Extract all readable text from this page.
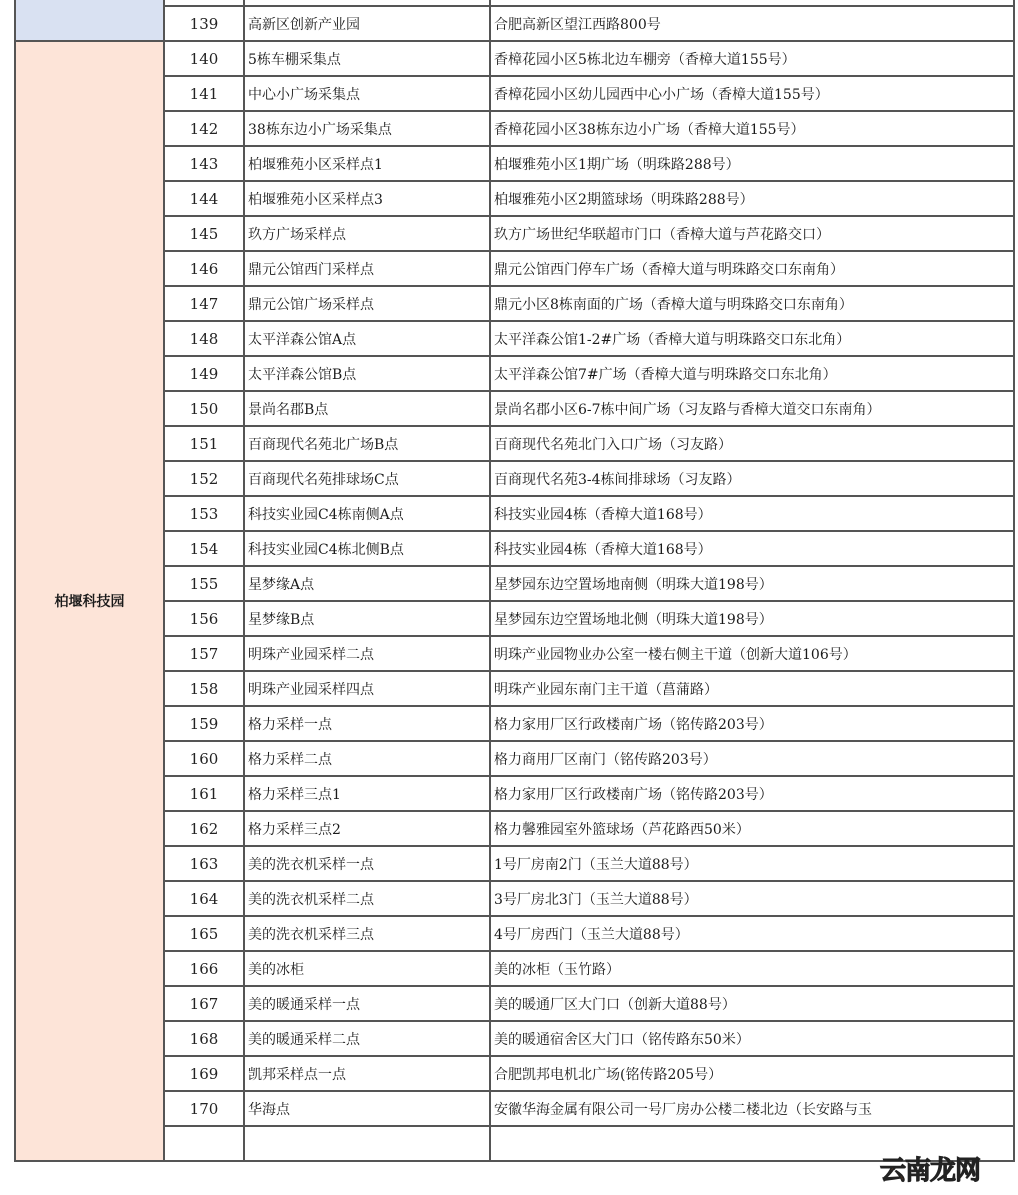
	139	高新区创新产业园	合肥高新区望江西路800号
柏堰科技园	140	5栋车棚采集点	香樟花园小区5栋北边车棚旁（香樟大道155号）
	141	中心小广场采集点	香樟花园小区幼儿园西中心小广场（香樟大道155号）
	142	38栋东边小广场采集点	香樟花园小区38栋东边小广场（香樟大道155号）
	143	柏堰雅苑小区采样点1	柏堰雅苑小区1期广场（明珠路288号）
	144	柏堰雅苑小区采样点3	柏堰雅苑小区2期篮球场（明珠路288号）
	145	玖方广场采样点	玖方广场世纪华联超市门口（香樟大道与芦花路交口）
	146	鼎元公馆西门采样点	鼎元公馆西门停车广场（香樟大道与明珠路交口东南角）
	147	鼎元公馆广场采样点	鼎元小区8栋南面的广场（香樟大道与明珠路交口东南角）
	148	太平洋森公馆A点	太平洋森公馆1-2#广场（香樟大道与明珠路交口东北角）
	149	太平洋森公馆B点	太平洋森公馆7#广场（香樟大道与明珠路交口东北角）
	150	景尚名郡B点	景尚名郡小区6-7栋中间广场（习友路与香樟大道交口东南角）
	151	百商现代名苑北广场B点	百商现代名苑北门入口广场（习友路）
	152	百商现代名苑排球场C点	百商现代名苑3-4栋间排球场（习友路）
	153	科技实业园C4栋南侧A点	科技实业园4栋（香樟大道168号）
	154	科技实业园C4栋北侧B点	科技实业园4栋（香樟大道168号）
	155	星梦缘A点	星梦园东边空置场地南侧（明珠大道198号）
	156	星梦缘B点	星梦园东边空置场地北侧（明珠大道198号）
	157	明珠产业园采样二点	明珠产业园物业办公室一楼右侧主干道（创新大道106号）
	158	明珠产业园采样四点	明珠产业园东南门主干道（菖蒲路）
	159	格力采样一点	格力家用厂区行政楼南广场（铭传路203号）
	160	格力采样二点	格力商用厂区南门（铭传路203号）
	161	格力采样三点1	格力家用厂区行政楼南广场（铭传路203号）
	162	格力采样三点2	格力馨雅园室外篮球场（芦花路西50米）
	163	美的洗衣机采样一点	1号厂房南2门（玉兰大道88号）
	164	美的洗衣机采样二点	3号厂房北3门（玉兰大道88号）
	165	美的洗衣机采样三点	4号厂房西门（玉兰大道88号）
	166	美的冰柜	美的冰柜（玉竹路）
	167	美的暖通采样一点	美的暖通厂区大门口（创新大道88号）
	168	美的暖通采样二点	美的暖通宿舍区大门口（铭传路东50米）
	169	凯邦采样点一点	合肥凯邦电机北广场(铭传路205号）
	170	华海点	安徽华海金属有限公司一号厂房办公楼二楼北边（长安路与玉

云南龙网
